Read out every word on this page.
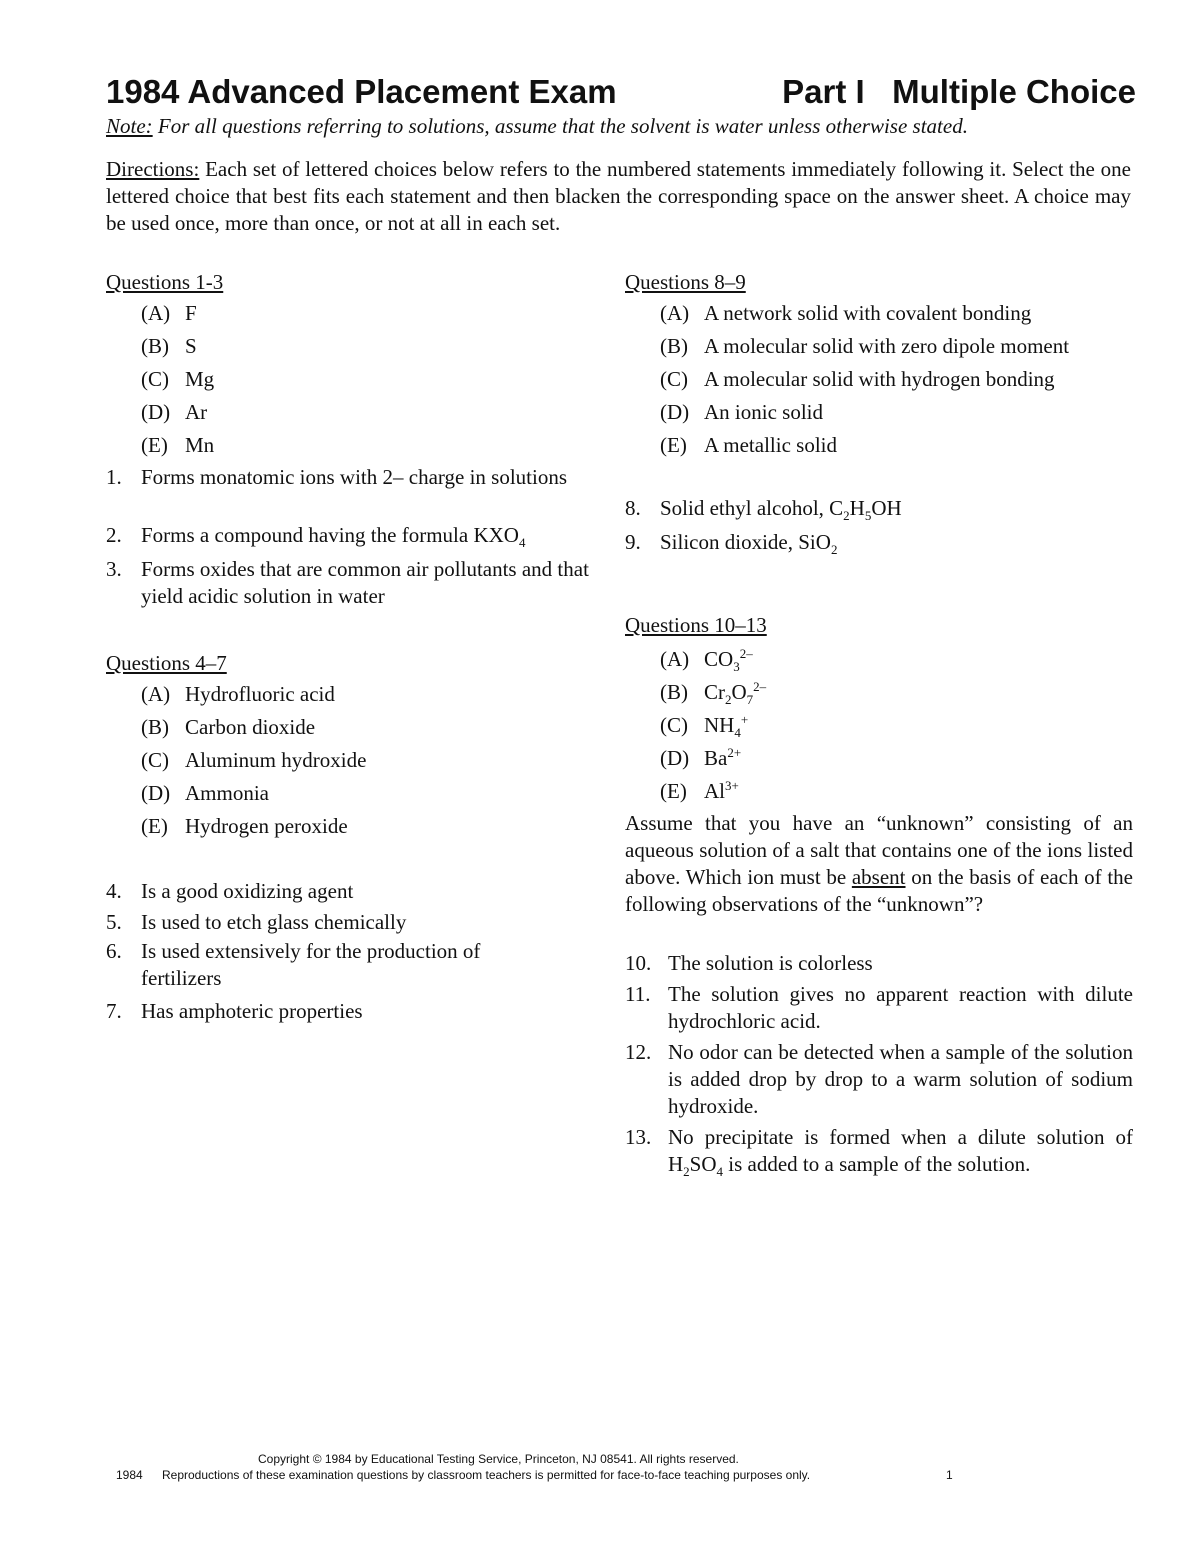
1984 Advanced Placement Exam	Part I   Multiple Choice
Note: For all questions referring to solutions, assume that the solvent is water unless otherwise stated.
Directions: Each set of lettered choices below refers to the numbered statements immediately following it. Select the one lettered choice that best fits each statement and then blacken the corresponding space on the answer sheet. A choice may be used once, more than once, or not at all in each set.
Questions 1-3
(A) F
(B) S
(C) Mg
(D) Ar
(E) Mn
1. Forms monatomic ions with 2– charge in solutions
2. Forms a compound having the formula $KXO_4$
3. Forms oxides that are common air pollutants and that yield acidic solution in water
Questions 4–7
(A) Hydrofluoric acid
(B) Carbon dioxide
(C) Aluminum hydroxide
(D) Ammonia
(E) Hydrogen peroxide
4. Is a good oxidizing agent
5. Is used to etch glass chemically
6. Is used extensively for the production of fertilizers
7. Has amphoteric properties
Questions 8–9
(A) A network solid with covalent bonding
(B) A molecular solid with zero dipole moment
(C) A molecular solid with hydrogen bonding
(D) An ionic solid
(E) A metallic solid
8. Solid ethyl alcohol, $C_2H_5OH$
9. Silicon dioxide, SiO$_2$
Questions 10–13
(A) $CO_3^{2-}$
(B) $Cr_2O_7^{2-}$
(C) $NH_4^+$
(D) $Ba^{2+}$
(E) $Al^{3+}$
Assume that you have an “unknown” consisting of an aqueous solution of a salt that contains one of the ions listed above. Which ion must be absent on the basis of each of the following observations of the “unknown”?
10. The solution is colorless
11. The solution gives no apparent reaction with dilute hydrochloric acid.
12. No odor can be detected when a sample of the solution is added drop by drop to a warm solution of sodium hydroxide.
13. No precipitate is formed when a dilute solution of $H_2SO_4$ is added to a sample of the solution.
Copyright © 1984 by Educational Testing Service, Princeton, NJ 08541. All rights reserved.
1984 Reproductions of these examination questions by classroom teachers is permitted for face-to-face teaching purposes only.	1
